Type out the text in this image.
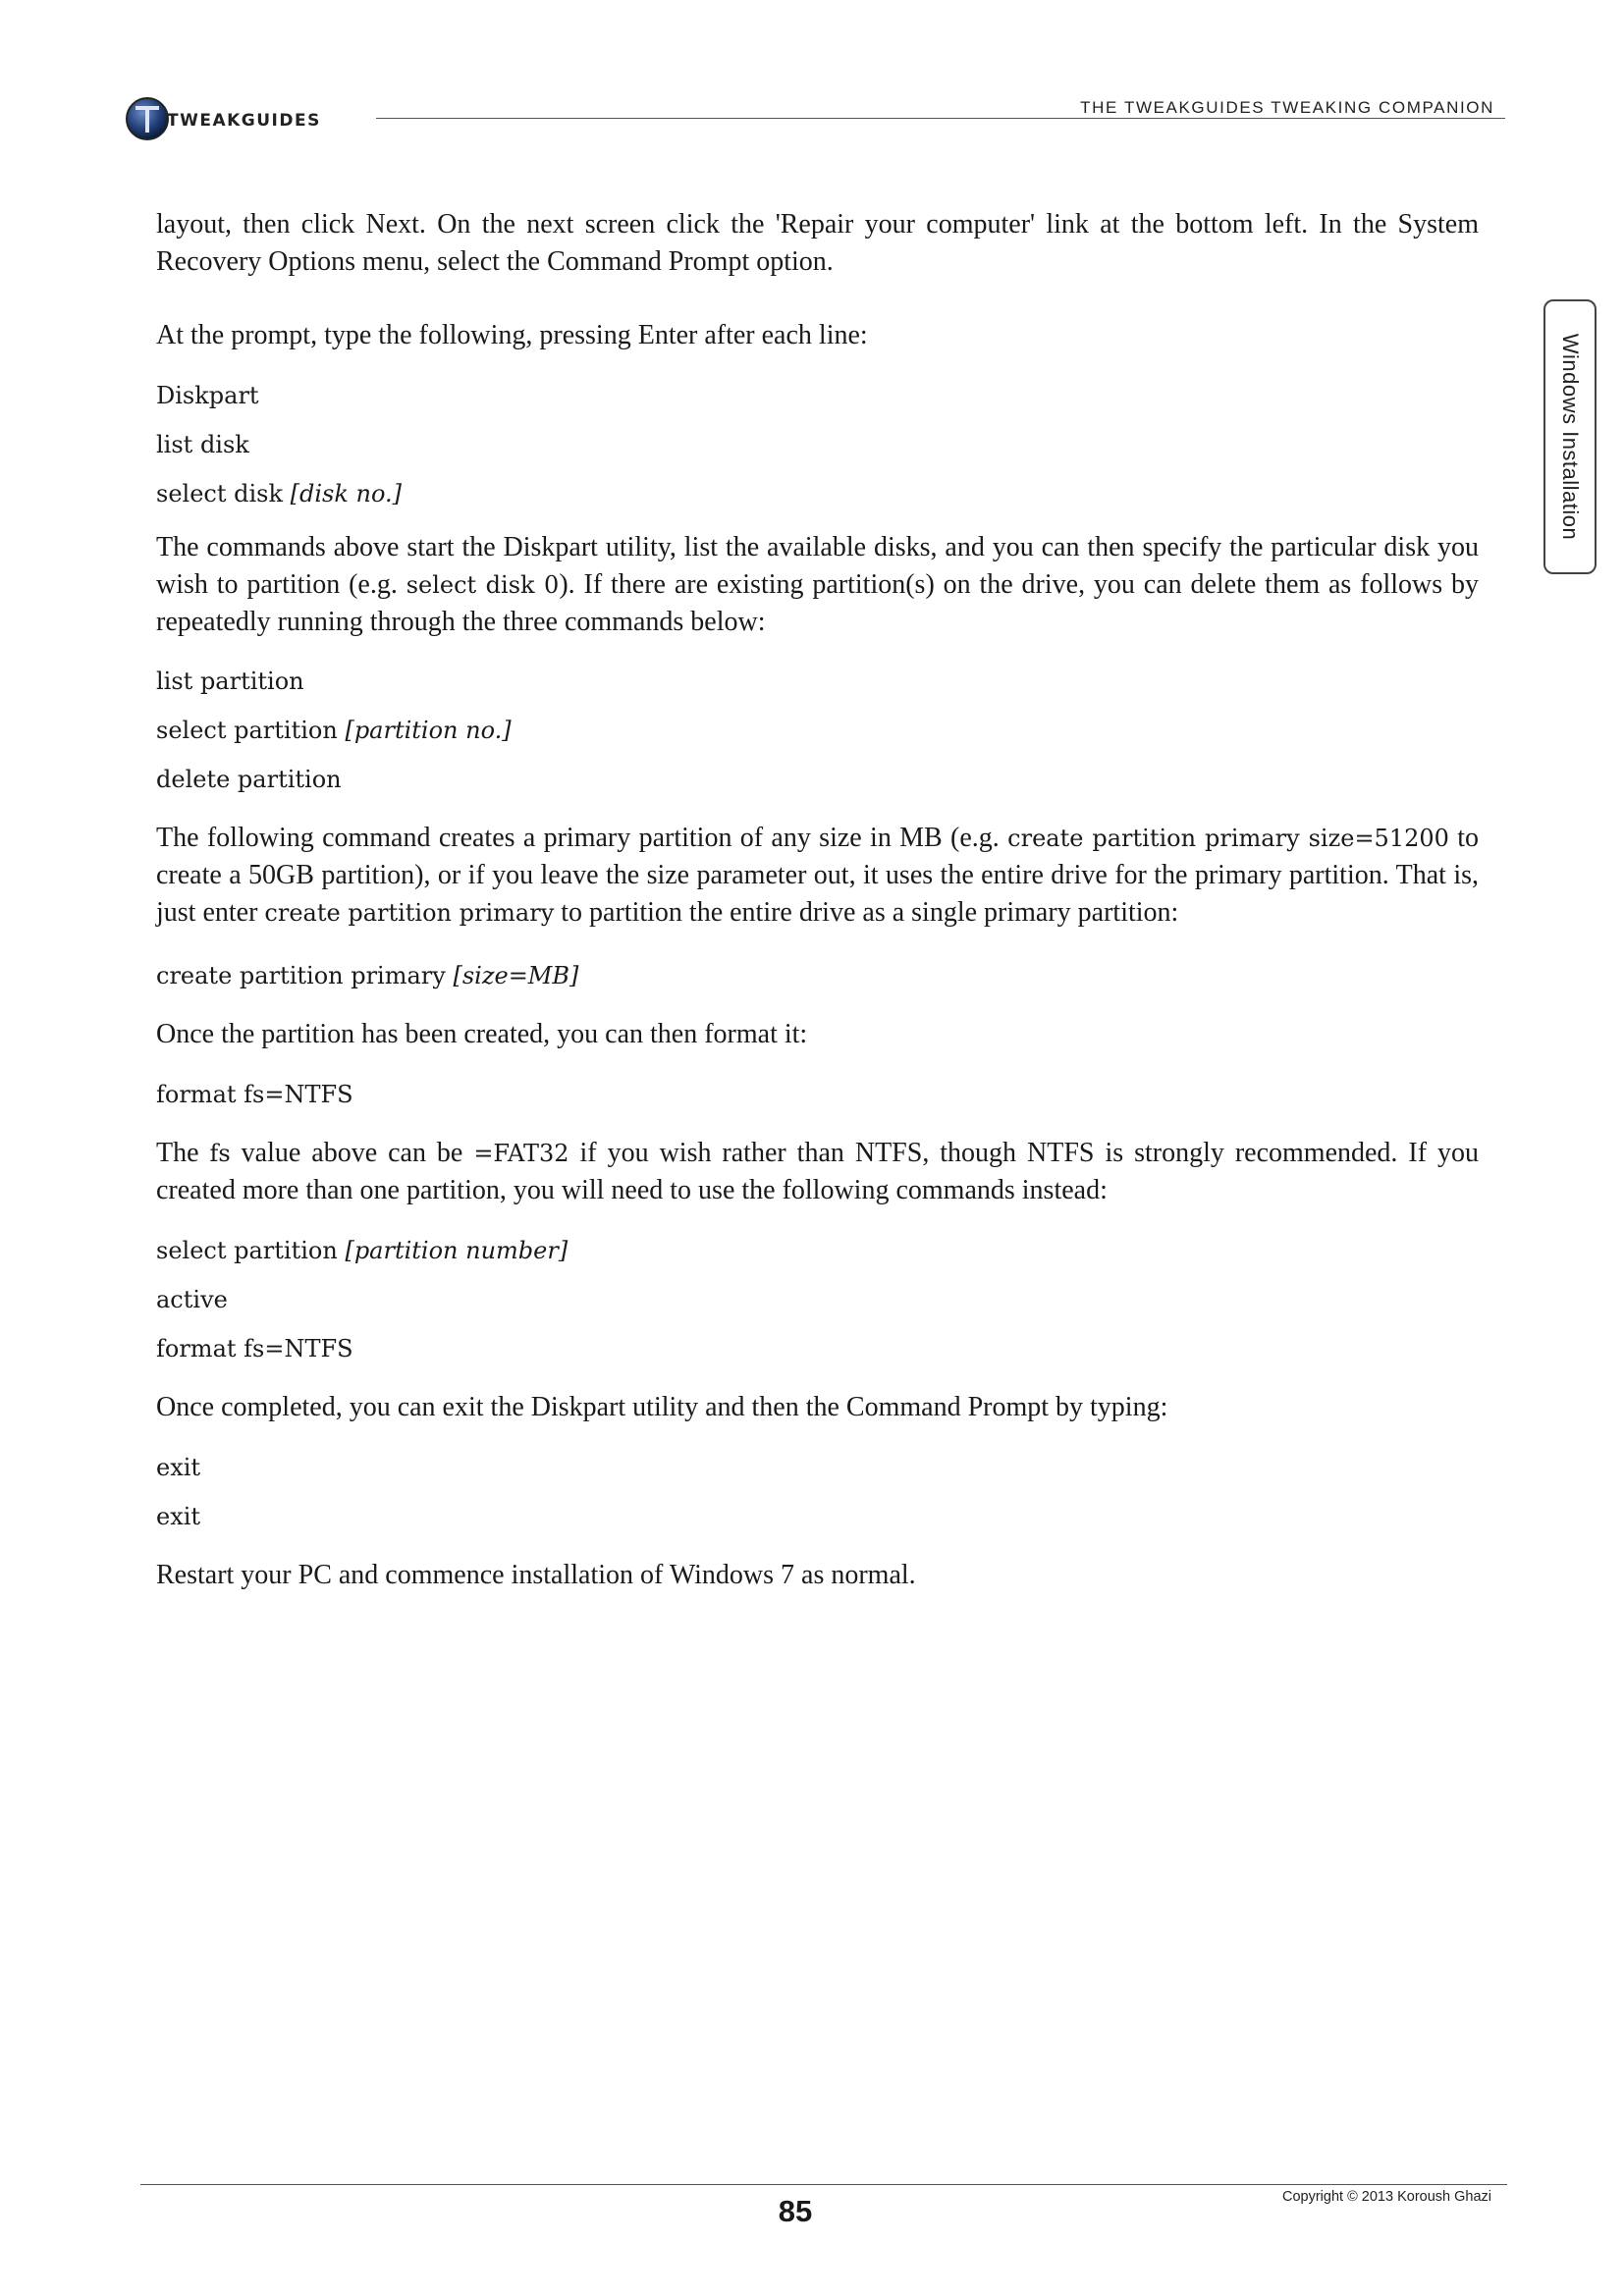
TWEAKGUIDES
THE TWEAKGUIDES TWEAKING COMPANION
Windows Installation

layout, then click Next. On the next screen click the 'Repair your computer' link at the bottom left. In the System Recovery Options menu, select the Command Prompt option.

At the prompt, type the following, pressing Enter after each line:

Diskpart

list disk

select disk [disk no.]

The commands above start the Diskpart utility, list the available disks, and you can then specify the particular disk you wish to partition (e.g. select disk 0). If there are existing partition(s) on the drive, you can delete them as follows by repeatedly running through the three commands below:

list partition

select partition [partition no.]

delete partition

The following command creates a primary partition of any size in MB (e.g. create partition primary size=51200 to create a 50GB partition), or if you leave the size parameter out, it uses the entire drive for the primary partition. That is, just enter create partition primary to partition the entire drive as a single primary partition:

create partition primary [size=MB]

Once the partition has been created, you can then format it:

format fs=NTFS

The fs value above can be =FAT32 if you wish rather than NTFS, though NTFS is strongly recommended. If you created more than one partition, you will need to use the following commands instead:

select partition [partition number]

active

format fs=NTFS

Once completed, you can exit the Diskpart utility and then the Command Prompt by typing:

exit

exit

Restart your PC and commence installation of Windows 7 as normal.

85	Copyright © 2013 Koroush Ghazi
